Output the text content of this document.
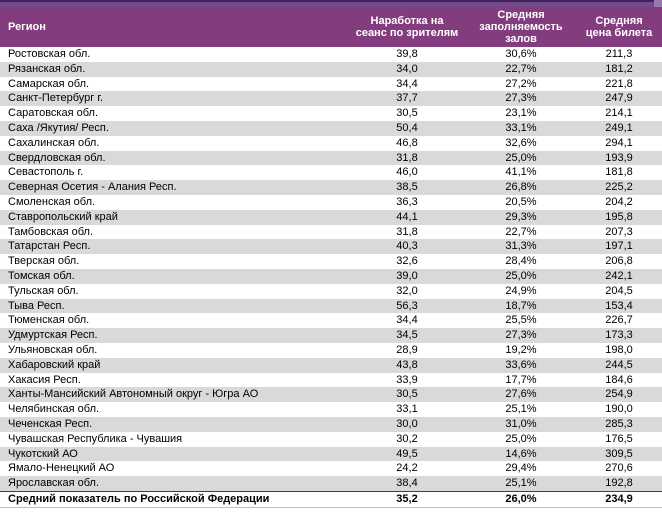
Регион	Наработка на сеанс по зрителям	Средняя заполняемость залов	Средняя цена билета
Ростовская обл.	39,8	30,6%	211,3
Рязанская обл.	34,0	22,7%	181,2
Самарская обл.	34,4	27,2%	221,8
Санкт-Петербург г.	37,7	27,3%	247,9
Саратовская обл.	30,5	23,1%	214,1
Саха /Якутия/ Респ.	50,4	33,1%	249,1
Сахалинская обл.	46,8	32,6%	294,1
Свердловская обл.	31,8	25,0%	193,9
Севастополь г.	46,0	41,1%	181,8
Северная Осетия - Алания Респ.	38,5	26,8%	225,2
Смоленская обл.	36,3	20,5%	204,2
Ставропольский край	44,1	29,3%	195,8
Тамбовская обл.	31,8	22,7%	207,3
Татарстан Респ.	40,3	31,3%	197,1
Тверская обл.	32,6	28,4%	206,8
Томская обл.	39,0	25,0%	242,1
Тульская обл.	32,0	24,9%	204,5
Тыва Респ.	56,3	18,7%	153,4
Тюменская обл.	34,4	25,5%	226,7
Удмуртская Респ.	34,5	27,3%	173,3
Ульяновская обл.	28,9	19,2%	198,0
Хабаровский край	43,8	33,6%	244,5
Хакасия Респ.	33,9	17,7%	184,6
Ханты-Мансийский Автономный округ - Югра АО	30,5	27,6%	254,9
Челябинская обл.	33,1	25,1%	190,0
Чеченская Респ.	30,0	31,0%	285,3
Чувашская Республика - Чувашия	30,2	25,0%	176,5
Чукотский АО	49,5	14,6%	309,5
Ямало-Ненецкий АО	24,2	29,4%	270,6
Ярославская обл.	38,4	25,1%	192,8
Средний показатель по Российской Федерации	35,2	26,0%	234,9
